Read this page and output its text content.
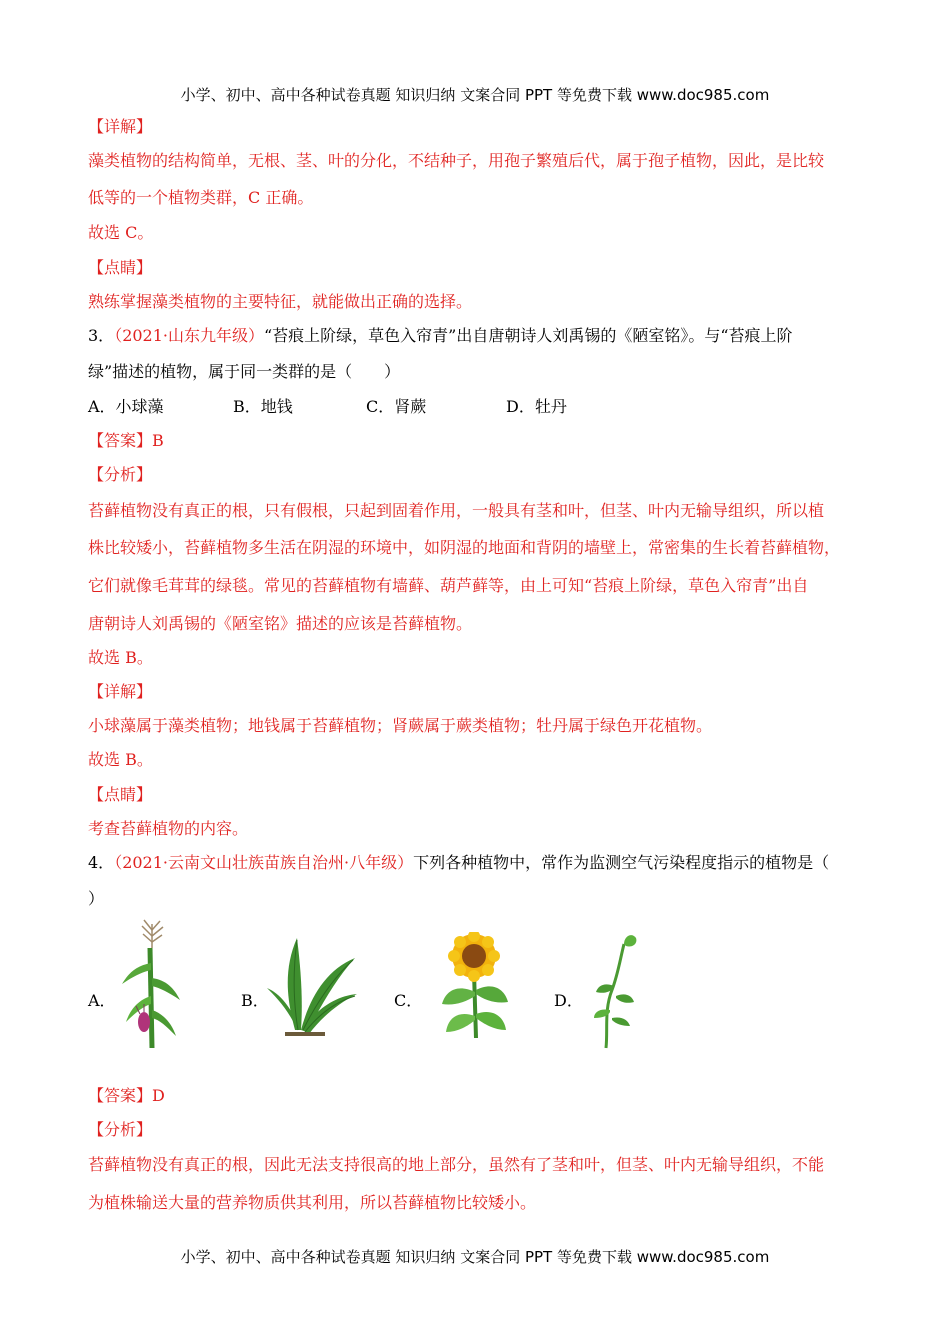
小学、初中、高中各种试卷真题 知识归纳 文案合同 PPT 等免费下载 www.doc985.com
【详解】
藻类植物的结构简单，无根、茎、叶的分化，不结种子，用孢子繁殖后代，属于孢子植物，因此，是比较
低等的一个植物类群，C 正确。
故选 C。
【点睛】
熟练掌握藻类植物的主要特征，就能做出正确的选择。
3．（2021·山东九年级）“苔痕上阶绿，草色入帘青”出自唐朝诗人刘禹锡的《陋室铭》。与“苔痕上阶
绿”描述的植物，属于同一类群的是（　　）
A．小球藻	B．地钱	C．肾蕨	D．牡丹
【答案】B
【分析】
苔藓植物没有真正的根，只有假根，只起到固着作用，一般具有茎和叶，但茎、叶内无输导组织，所以植
株比较矮小，苔藓植物多生活在阴湿的环境中，如阴湿的地面和背阴的墙壁上，常密集的生长着苔藓植物，
它们就像毛茸茸的绿毯。常见的苔藓植物有墙藓、葫芦藓等，由上可知“苔痕上阶绿，草色入帘青”出自
唐朝诗人刘禹锡的《陋室铭》描述的应该是苔藓植物。
故选 B。
【详解】
小球藻属于藻类植物；地钱属于苔藓植物；肾蕨属于蕨类植物；牡丹属于绿色开花植物。
故选 B。
【点睛】
考查苔藓植物的内容。
4．（2021·云南文山壮族苗族自治州·八年级）下列各种植物中，常作为监测空气污染程度指示的植物是（
）
A．	B．	C．	D．
【答案】D
【分析】
苔藓植物没有真正的根，因此无法支持很高的地上部分，虽然有了茎和叶，但茎、叶内无输导组织，不能
为植株输送大量的营养物质供其利用，所以苔藓植物比较矮小。
小学、初中、高中各种试卷真题 知识归纳 文案合同 PPT 等免费下载 www.doc985.com
